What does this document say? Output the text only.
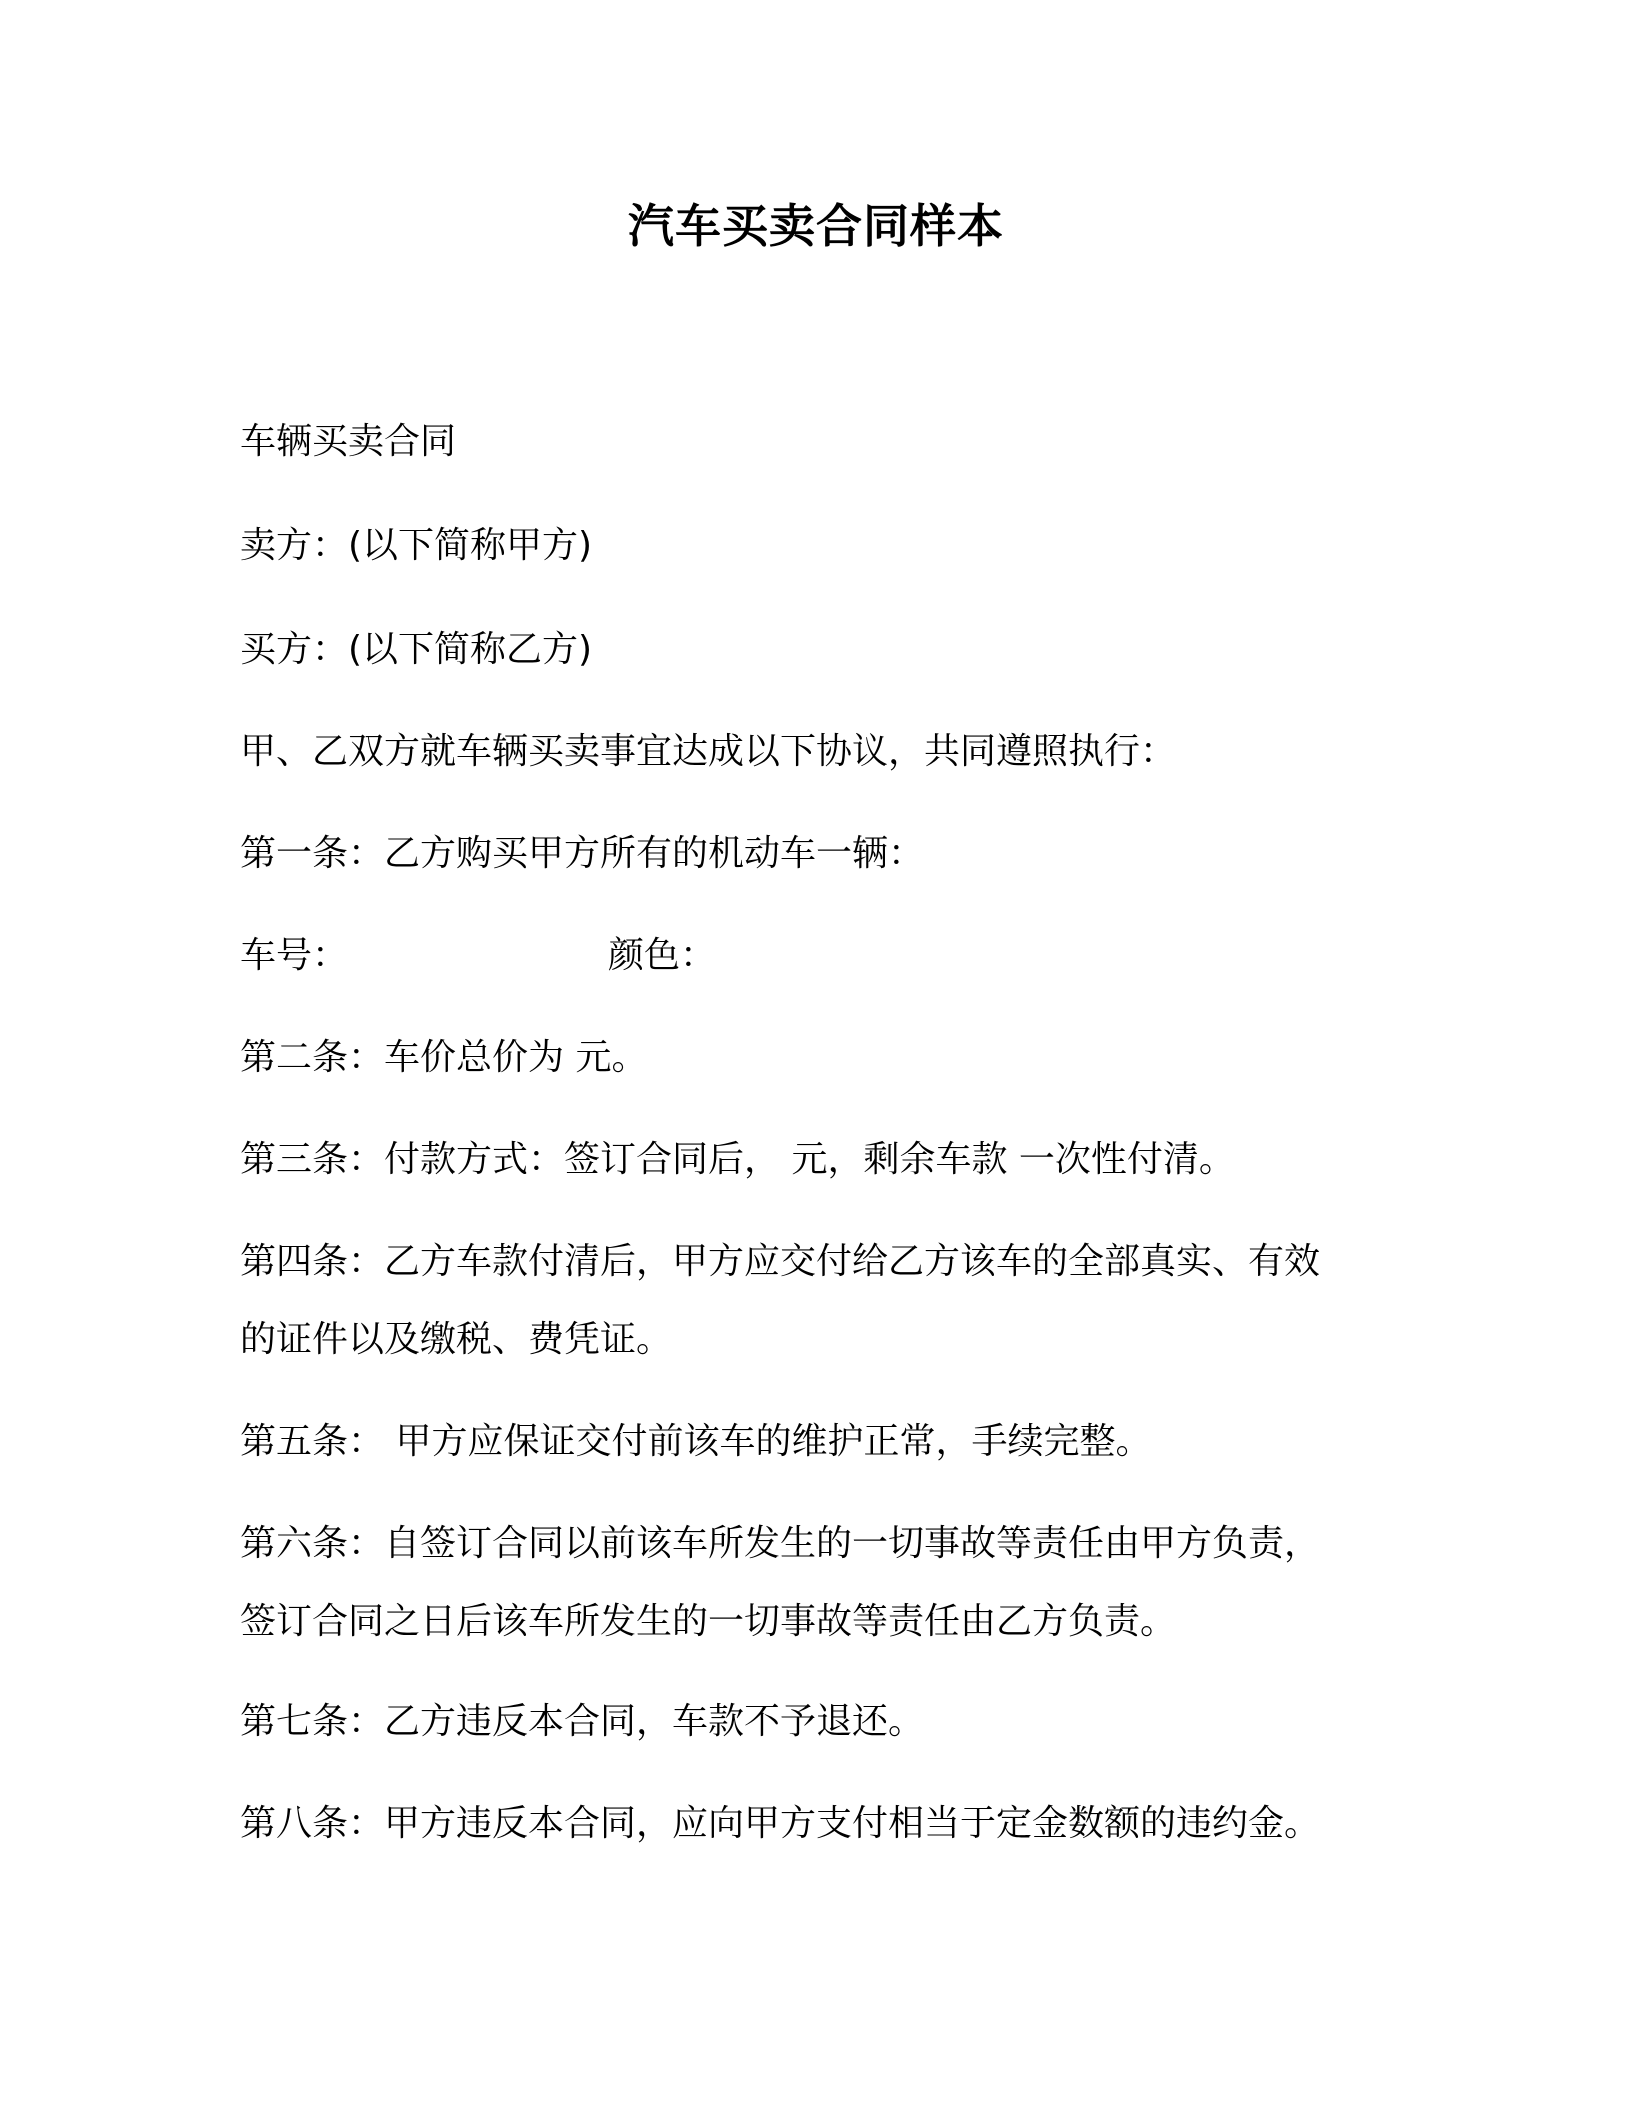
汽车买卖合同样本
车辆买卖合同
卖方：(以下简称甲方)
买方：(以下简称乙方)
甲、乙双方就车辆买卖事宜达成以下协议，共同遵照执行：
第一条：乙方购买甲方所有的机动车一辆：
车号：	颜色：
第二条：车价总价为 元。
第三条：付款方式：签订合同后， 元，剩余车款 一次性付清。
第四条：乙方车款付清后，甲方应交付给乙方该车的全部真实、有效
的证件以及缴税、费凭证。
第五条： 甲方应保证交付前该车的维护正常，手续完整。
第六条：自签订合同以前该车所发生的一切事故等责任由甲方负责，
签订合同之日后该车所发生的一切事故等责任由乙方负责。
第七条：乙方违反本合同，车款不予退还。
第八条：甲方违反本合同，应向甲方支付相当于定金数额的违约金。
